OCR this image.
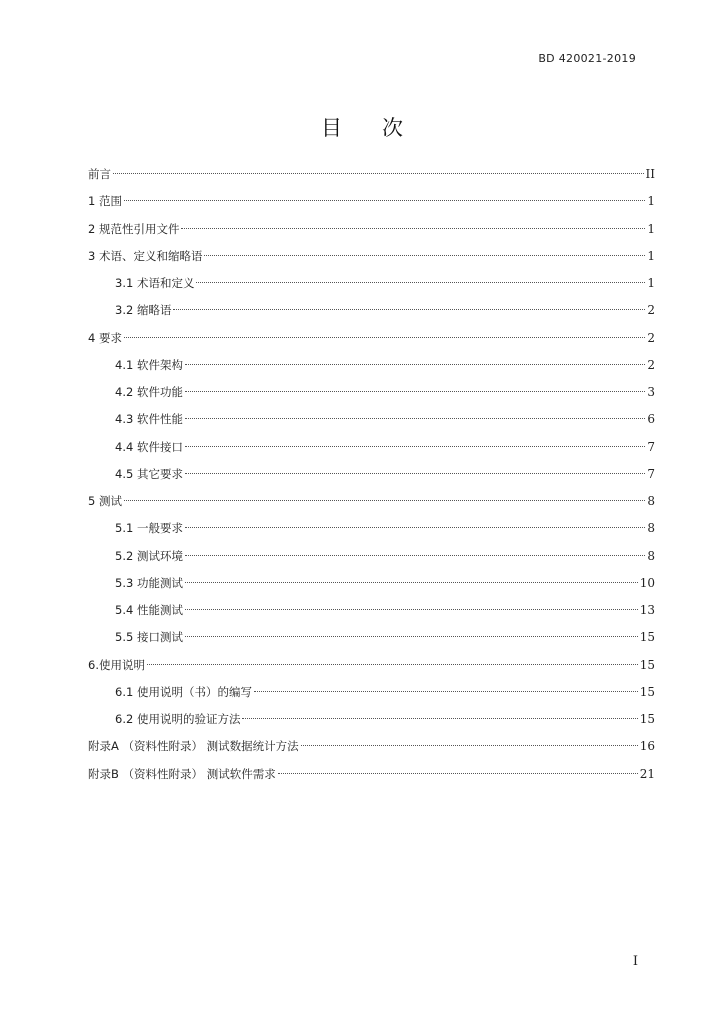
BD 420021-2019
目 次
前言	II
1 范围	1
2 规范性引用文件	1
3 术语、定义和缩略语	1
3.1 术语和定义	1
3.2 缩略语	2
4 要求	2
4.1 软件架构	2
4.2 软件功能	3
4.3 软件性能	6
4.4 软件接口	7
4.5 其它要求	7
5 测试	8
5.1 一般要求	8
5.2 测试环境	8
5.3 功能测试	10
5.4 性能测试	13
5.5 接口测试	15
6.使用说明	15
6.1 使用说明（书）的编写	15
6.2 使用说明的验证方法	15
附录A （资料性附录） 测试数据统计方法	16
附录B （资料性附录） 测试软件需求	21
I
